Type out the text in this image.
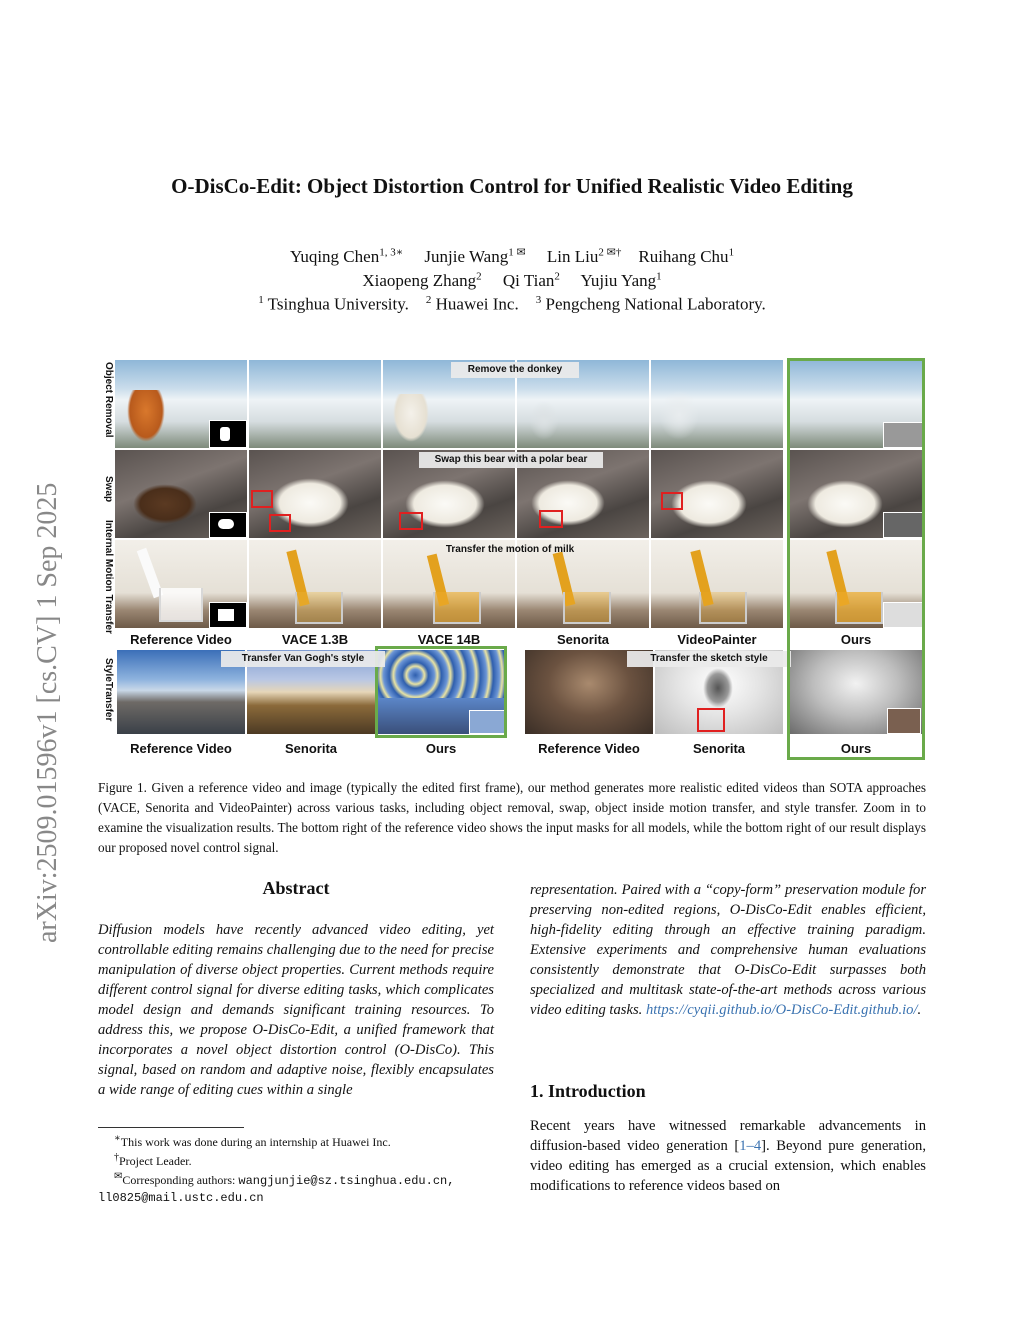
arXiv:2509.01596v1 [cs.CV] 1 Sep 2025
O-DisCo-Edit: Object Distortion Control for Unified Realistic Video Editing
Yuqing Chen$^{1, 3∗}$ Junjie Wang$^{1 ✉}$ Lin Liu$^{2 ✉\dagger}$ Ruihang Chu$^1$
Xiaopeng Zhang$^2$ Qi Tian$^2$ Yujiu Yang$^1$
$^1$ Tsinghua University. $^2$ Huawei Inc. $^3$ Pengcheng National Laboratory.
Object Removal
Swap
Internal Motion Transfer
StyleTransfer
Remove the donkey
Swap this bear with a polar bear
Transfer the motion of milk
Reference Video	VACE 1.3B	VACE 14B	Senorita	VideoPainter	Ours
Transfer Van Gogh's style	Transfer the sketch style
Reference Video	Senorita	Ours	Reference Video	Senorita	Ours
Figure 1. Given a reference video and image (typically the edited first frame), our method generates more realistic edited videos than SOTA approaches (VACE, Senorita and VideoPainter) across various tasks, including object removal, swap, object inside motion transfer, and style transfer. Zoom in to examine the visualization results. The bottom right of the reference video shows the input masks for all models, while the bottom right of our result displays our proposed novel control signal.
Abstract
Diffusion models have recently advanced video editing, yet controllable editing remains challenging due to the need for precise manipulation of diverse object properties. Current methods require different control signal for diverse editing tasks, which complicates model design and demands significant training resources. To address this, we propose O-DisCo-Edit, a unified framework that incorporates a novel object distortion control (O-DisCo). This signal, based on random and adaptive noise, flexibly encapsulates a wide range of editing cues within a single
∗This work was done during an internship at Huawei Inc.
†Project Leader.
✉Corresponding authors: wangjunjie@sz.tsinghua.edu.cn,
ll0825@mail.ustc.edu.cn
representation. Paired with a “copy-form” preservation module for preserving non-edited regions, O-DisCo-Edit enables efficient, high-fidelity editing through an effective training paradigm. Extensive experiments and comprehensive human evaluations consistently demonstrate that O-DisCo-Edit surpasses both specialized and multitask state-of-the-art methods across various video editing tasks. https://cyqii.github.io/O-DisCo-Edit.github.io/.
1. Introduction
Recent years have witnessed remarkable advancements in diffusion-based video generation [1–4]. Beyond pure generation, video editing has emerged as a crucial extension, which enables modifications to reference videos based on
